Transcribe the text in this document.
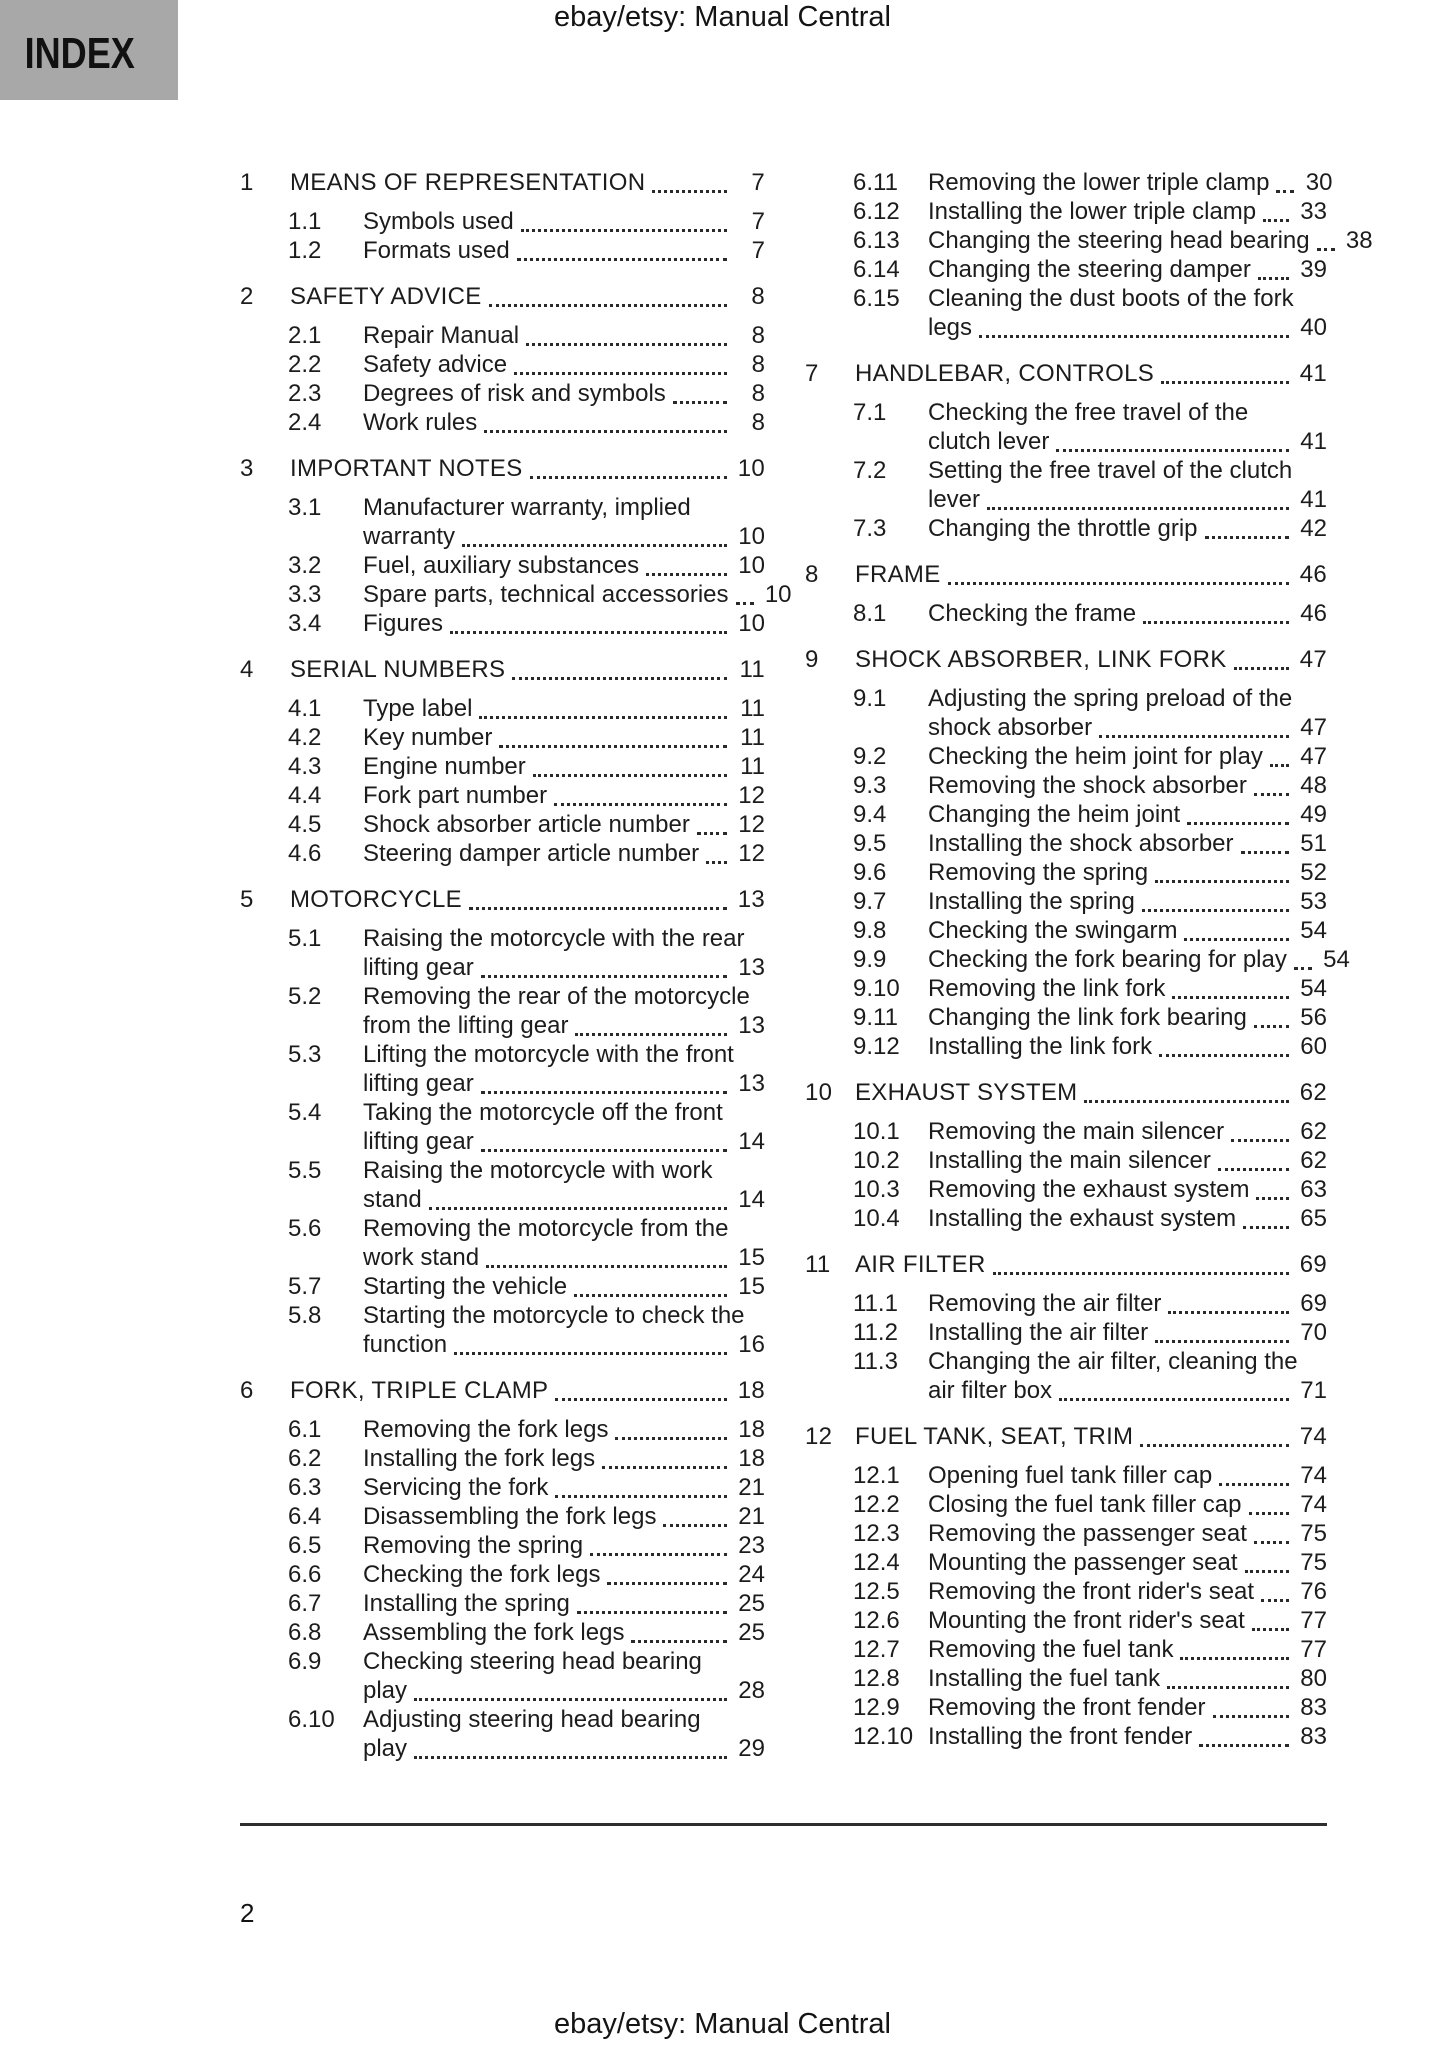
INDEX
ebay/etsy: Manual Central
1	MEANS OF REPRESENTATION	7
1.1	Symbols used	7
1.2	Formats used	7
2	SAFETY ADVICE	8
2.1	Repair Manual	8
2.2	Safety advice	8
2.3	Degrees of risk and symbols	8
2.4	Work rules	8
3	IMPORTANT NOTES	10
3.1	Manufacturer warranty, implied
warranty	10
3.2	Fuel, auxiliary substances	10
3.3	Spare parts, technical accessories 10
3.4	Figures	10
4	SERIAL NUMBERS	11
4.1	Type label	11
4.2	Key number	11
4.3	Engine number	11
4.4	Fork part number	12
4.5	Shock absorber article number 12
4.6	Steering damper article number 12
5	MOTORCYCLE	13
5.1	Raising the motorcycle with the rear
lifting gear	13
5.2	Removing the rear of the motorcycle
from the lifting gear	13
5.3	Lifting the motorcycle with the front
lifting gear	13
5.4	Taking the motorcycle off the front
lifting gear	14
5.5	Raising the motorcycle with work
stand	14
5.6	Removing the motorcycle from the
work stand	15
5.7	Starting the vehicle	15
5.8	Starting the motorcycle to check the
function	16
6	FORK, TRIPLE CLAMP	18
6.1	Removing the fork legs	18
6.2	Installing the fork legs	18
6.3	Servicing the fork	21
6.4	Disassembling the fork legs	21
6.5	Removing the spring	23
6.6	Checking the fork legs	24
6.7	Installing the spring	25
6.8	Assembling the fork legs	25
6.9	Checking steering head bearing
play	28
6.10	Adjusting steering head bearing
play	29
6.11	Removing the lower triple clamp 30
6.12	Installing the lower triple clamp 33
6.13	Changing the steering head bearing 38
6.14	Changing the steering damper 39
6.15	Cleaning the dust boots of the fork
legs	40
7	HANDLEBAR, CONTROLS	41
7.1	Checking the free travel of the
clutch lever	41
7.2	Setting the free travel of the clutch
lever	41
7.3	Changing the throttle grip	42
8	FRAME	46
8.1	Checking the frame	46
9	SHOCK ABSORBER, LINK FORK	47
9.1	Adjusting the spring preload of the
shock absorber	47
9.2	Checking the heim joint for play 47
9.3	Removing the shock absorber 48
9.4	Changing the heim joint	49
9.5	Installing the shock absorber	51
9.6	Removing the spring	52
9.7	Installing the spring	53
9.8	Checking the swingarm	54
9.9	Checking the fork bearing for play 54
9.10	Removing the link fork	54
9.11	Changing the link fork bearing 56
9.12	Installing the link fork	60
10 EXHAUST SYSTEM	62
10.1	Removing the main silencer	62
10.2	Installing the main silencer	62
10.3	Removing the exhaust system 63
10.4	Installing the exhaust system	65
11	AIR FILTER	69
11.1	Removing the air filter	69
11.2	Installing the air filter	70
11.3	Changing the air filter, cleaning the
air filter box	71
12 FUEL TANK, SEAT, TRIM	74
12.1	Opening fuel tank filler cap	74
12.2	Closing the fuel tank filler cap 74
12.3	Removing the passenger seat 75
12.4	Mounting the passenger seat	75
12.5	Removing the front rider's seat 76
12.6	Mounting the front rider's seat 77
12.7	Removing the fuel tank	77
12.8	Installing the fuel tank	80
12.9	Removing the front fender	83
12.10 Installing the front fender	83
2
ebay/etsy: Manual Central
